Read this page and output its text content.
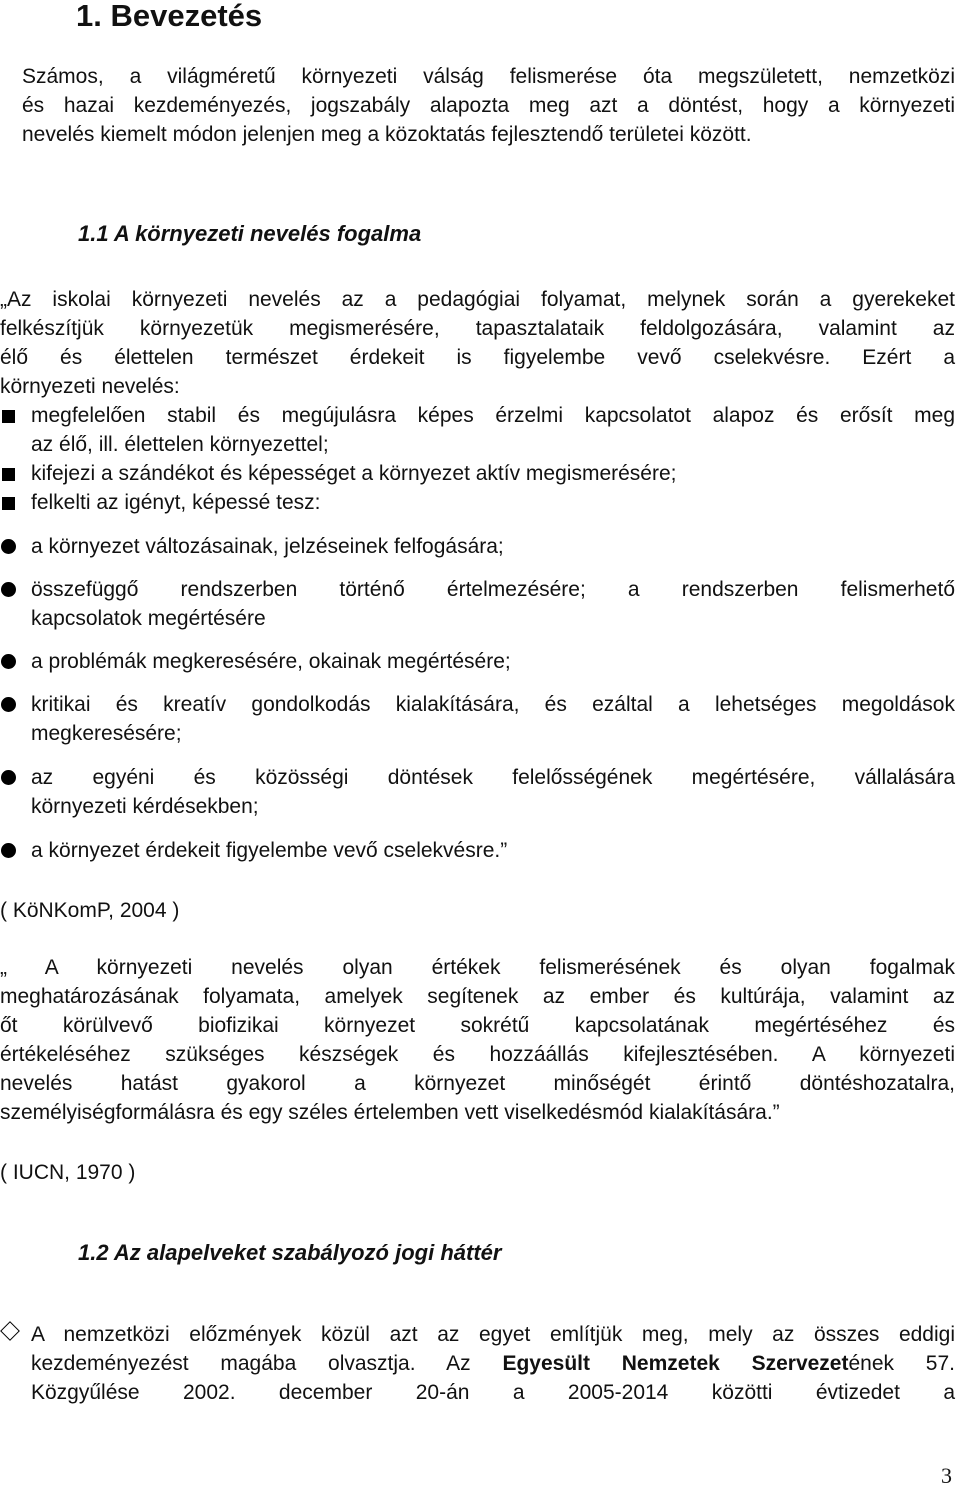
1. Bevezetés
Számos, a világméretű környezeti válság felismerése óta megszületett, nemzetközi
és hazai kezdeményezés, jogszabály alapozta meg azt a döntést, hogy a környezeti
nevelés kiemelt módon jelenjen meg a közoktatás fejlesztendő területei között.
1.1 A környezeti nevelés fogalma
„Az iskolai környezeti nevelés az a pedagógiai folyamat, melynek során a gyerekeket
felkészítjük környezetük megismerésére, tapasztalataik feldolgozására, valamint az
élő és élettelen természet érdekeit is figyelembe vevő cselekvésre. Ezért a
környezeti nevelés:
megfelelően stabil és megújulásra képes érzelmi kapcsolatot alapoz és erősít meg
az élő, ill. élettelen környezettel;
kifejezi a szándékot és képességet a környezet aktív megismerésére;
felkelti az igényt, képessé tesz:
a környezet változásainak, jelzéseinek felfogására;
összefüggő rendszerben történő értelmezésére; a rendszerben felismerhető
kapcsolatok megértésére
a problémák megkeresésére, okainak megértésére;
kritikai és kreatív gondolkodás kialakítására, és ezáltal a lehetséges megoldások
megkeresésére;
az egyéni és közösségi döntések felelősségének megértésére, vállalására
környezeti kérdésekben;
a környezet érdekeit figyelembe vevő cselekvésre.”

( KöNKomP, 2004 )

„ A környezeti nevelés olyan értékek felismerésének és olyan fogalmak
meghatározásának folyamata, amelyek segítenek az ember és kultúrája, valamint az
őt körülvevő biofizikai környezet sokrétű kapcsolatának megértéséhez és
értékeléséhez szükséges készségek és hozzáállás kifejlesztésében. A környezeti
nevelés hatást gyakorol a környezet minőségét érintő döntéshozatalra,
személyiségformálásra és egy széles értelemben vett viselkedésmód kialakítására.”

( IUCN, 1970 )

1.2 Az alapelveket szabályozó jogi háttér
A nemzetközi előzmények közül azt az egyet említjük meg, mely az összes eddigi
kezdeményezést magába olvasztja. Az Egyesült Nemzetek Szervezetének 57.
Közgyűlése 2002. december 20-án a 2005-2014 közötti évtizedet a
3
